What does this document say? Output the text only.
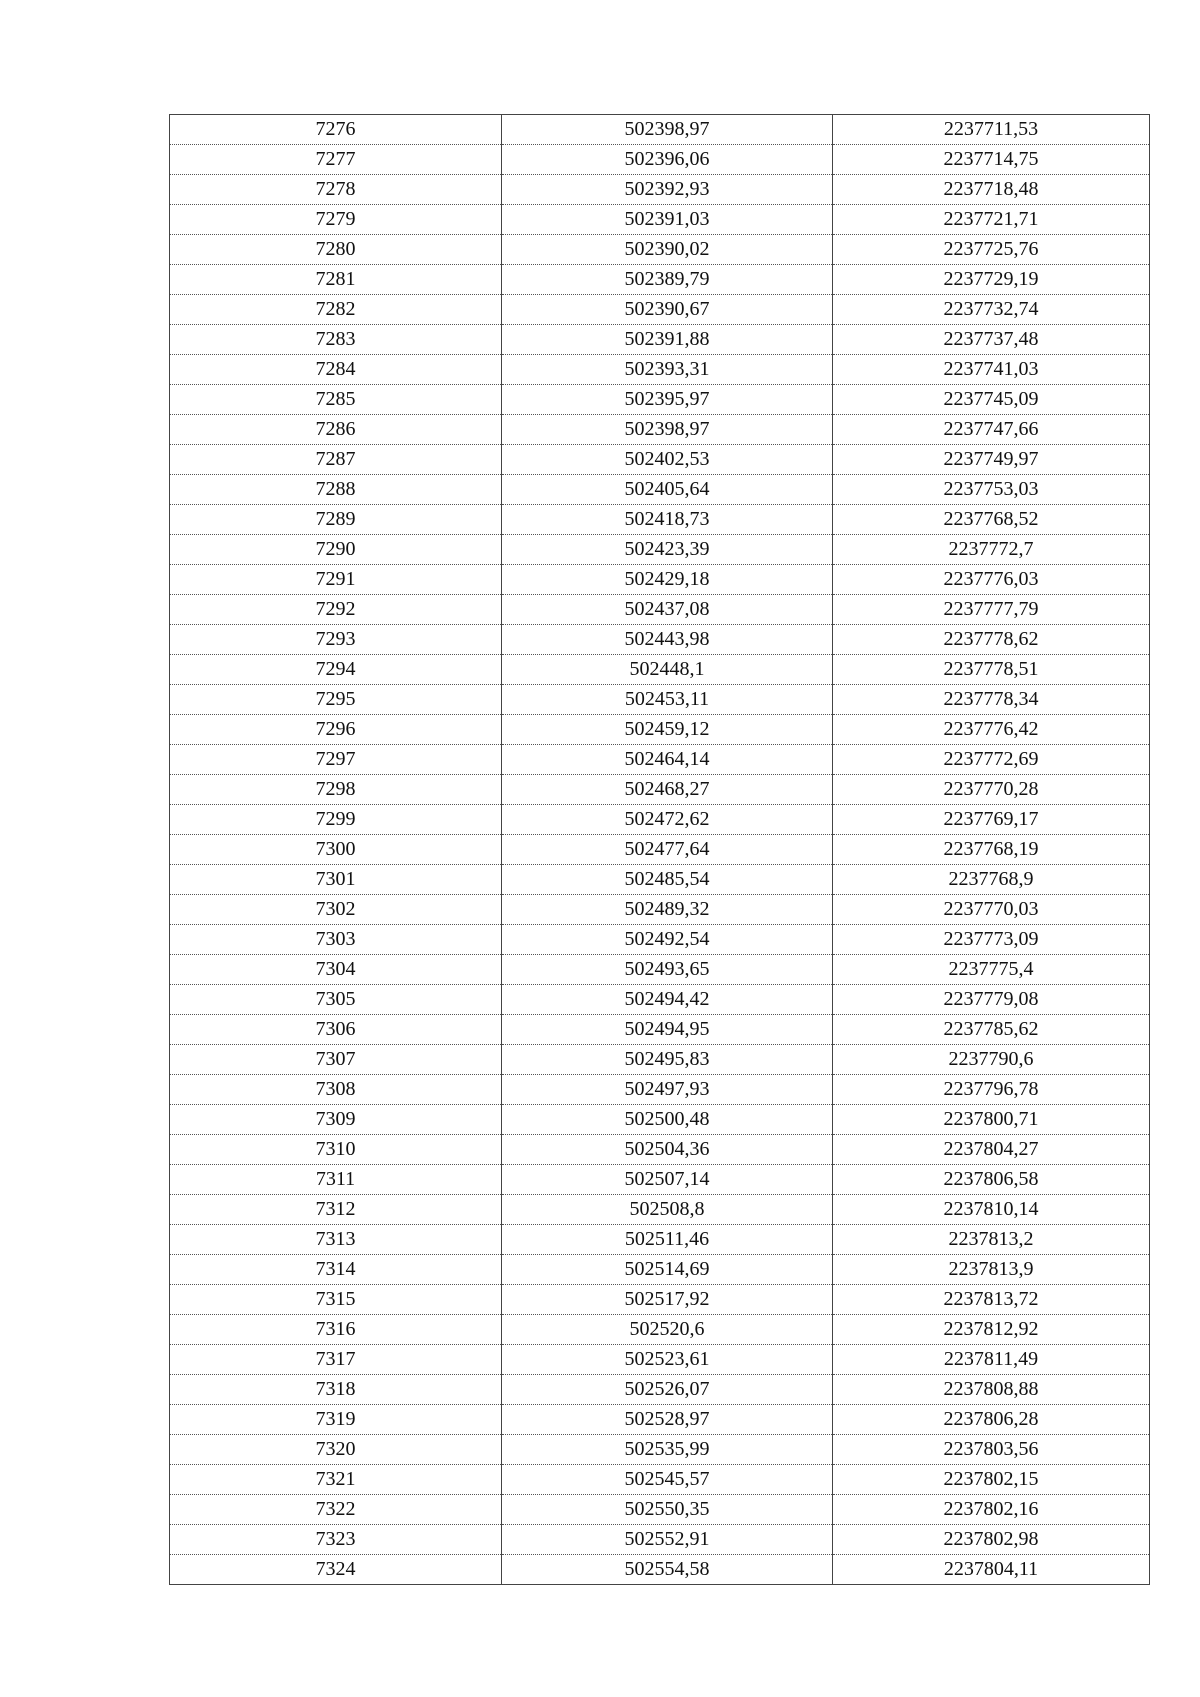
7276	502398,97	2237711,53
7277	502396,06	2237714,75
7278	502392,93	2237718,48
7279	502391,03	2237721,71
7280	502390,02	2237725,76
7281	502389,79	2237729,19
7282	502390,67	2237732,74
7283	502391,88	2237737,48
7284	502393,31	2237741,03
7285	502395,97	2237745,09
7286	502398,97	2237747,66
7287	502402,53	2237749,97
7288	502405,64	2237753,03
7289	502418,73	2237768,52
7290	502423,39	2237772,7
7291	502429,18	2237776,03
7292	502437,08	2237777,79
7293	502443,98	2237778,62
7294	502448,1	2237778,51
7295	502453,11	2237778,34
7296	502459,12	2237776,42
7297	502464,14	2237772,69
7298	502468,27	2237770,28
7299	502472,62	2237769,17
7300	502477,64	2237768,19
7301	502485,54	2237768,9
7302	502489,32	2237770,03
7303	502492,54	2237773,09
7304	502493,65	2237775,4
7305	502494,42	2237779,08
7306	502494,95	2237785,62
7307	502495,83	2237790,6
7308	502497,93	2237796,78
7309	502500,48	2237800,71
7310	502504,36	2237804,27
7311	502507,14	2237806,58
7312	502508,8	2237810,14
7313	502511,46	2237813,2
7314	502514,69	2237813,9
7315	502517,92	2237813,72
7316	502520,6	2237812,92
7317	502523,61	2237811,49
7318	502526,07	2237808,88
7319	502528,97	2237806,28
7320	502535,99	2237803,56
7321	502545,57	2237802,15
7322	502550,35	2237802,16
7323	502552,91	2237802,98
7324	502554,58	2237804,11
